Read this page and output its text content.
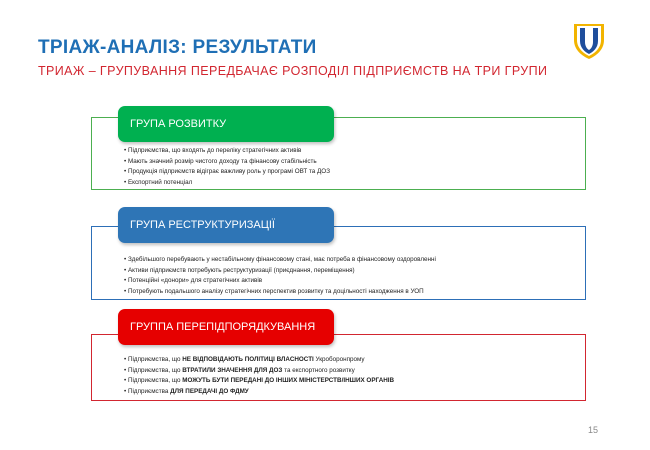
ТРІАЖ-АНАЛІЗ: РЕЗУЛЬТАТИ
ТРИАЖ – ГРУПУВАННЯ ПЕРЕДБАЧАЄ РОЗПОДІЛ ПІДПРИЄМСТВ НА ТРИ ГРУПИ
ГРУПА РОЗВИТКУ
• Підприємства, що входять до переліку стратегічних активів
• Мають значний розмір чистого доходу та фінансову стабільність
• Продукція підприємств відіграє важливу роль у програмі ОВТ та ДОЗ
• Експортний потенціал
ГРУПА РЕСТРУКТУРИЗАЦІЇ
• Здебільшого перебувають у нестабільному фінансовому стані, має потреба в фінансовому оздоровленні
• Активи підприємств потребують реструктуризації (приєднання, переміщення)
• Потенційні «донори» для стратегічних активів
• Потребують подальшого аналізу стратегічних перспектив розвитку та доцільності находження в УОП
ГРУППА ПЕРЕПІДПОРЯДКУВАННЯ
• Підприємства, що НЕ ВІДПОВІДАЮТЬ ПОЛІТИЦІ ВЛАСНОСТІ Укроборонпрому
• Підприємства, що ВТРАТИЛИ ЗНАЧЕННЯ ДЛЯ ДОЗ та експортного розвитку
• Підприємства, що МОЖУТЬ БУТИ ПЕРЕДАНІ ДО ІНШИХ МІНІСТЕРСТВ/ІНШИХ ОРГАНІВ
• Підприємства ДЛЯ ПЕРЕДАЧІ ДО ФДМУ
15
